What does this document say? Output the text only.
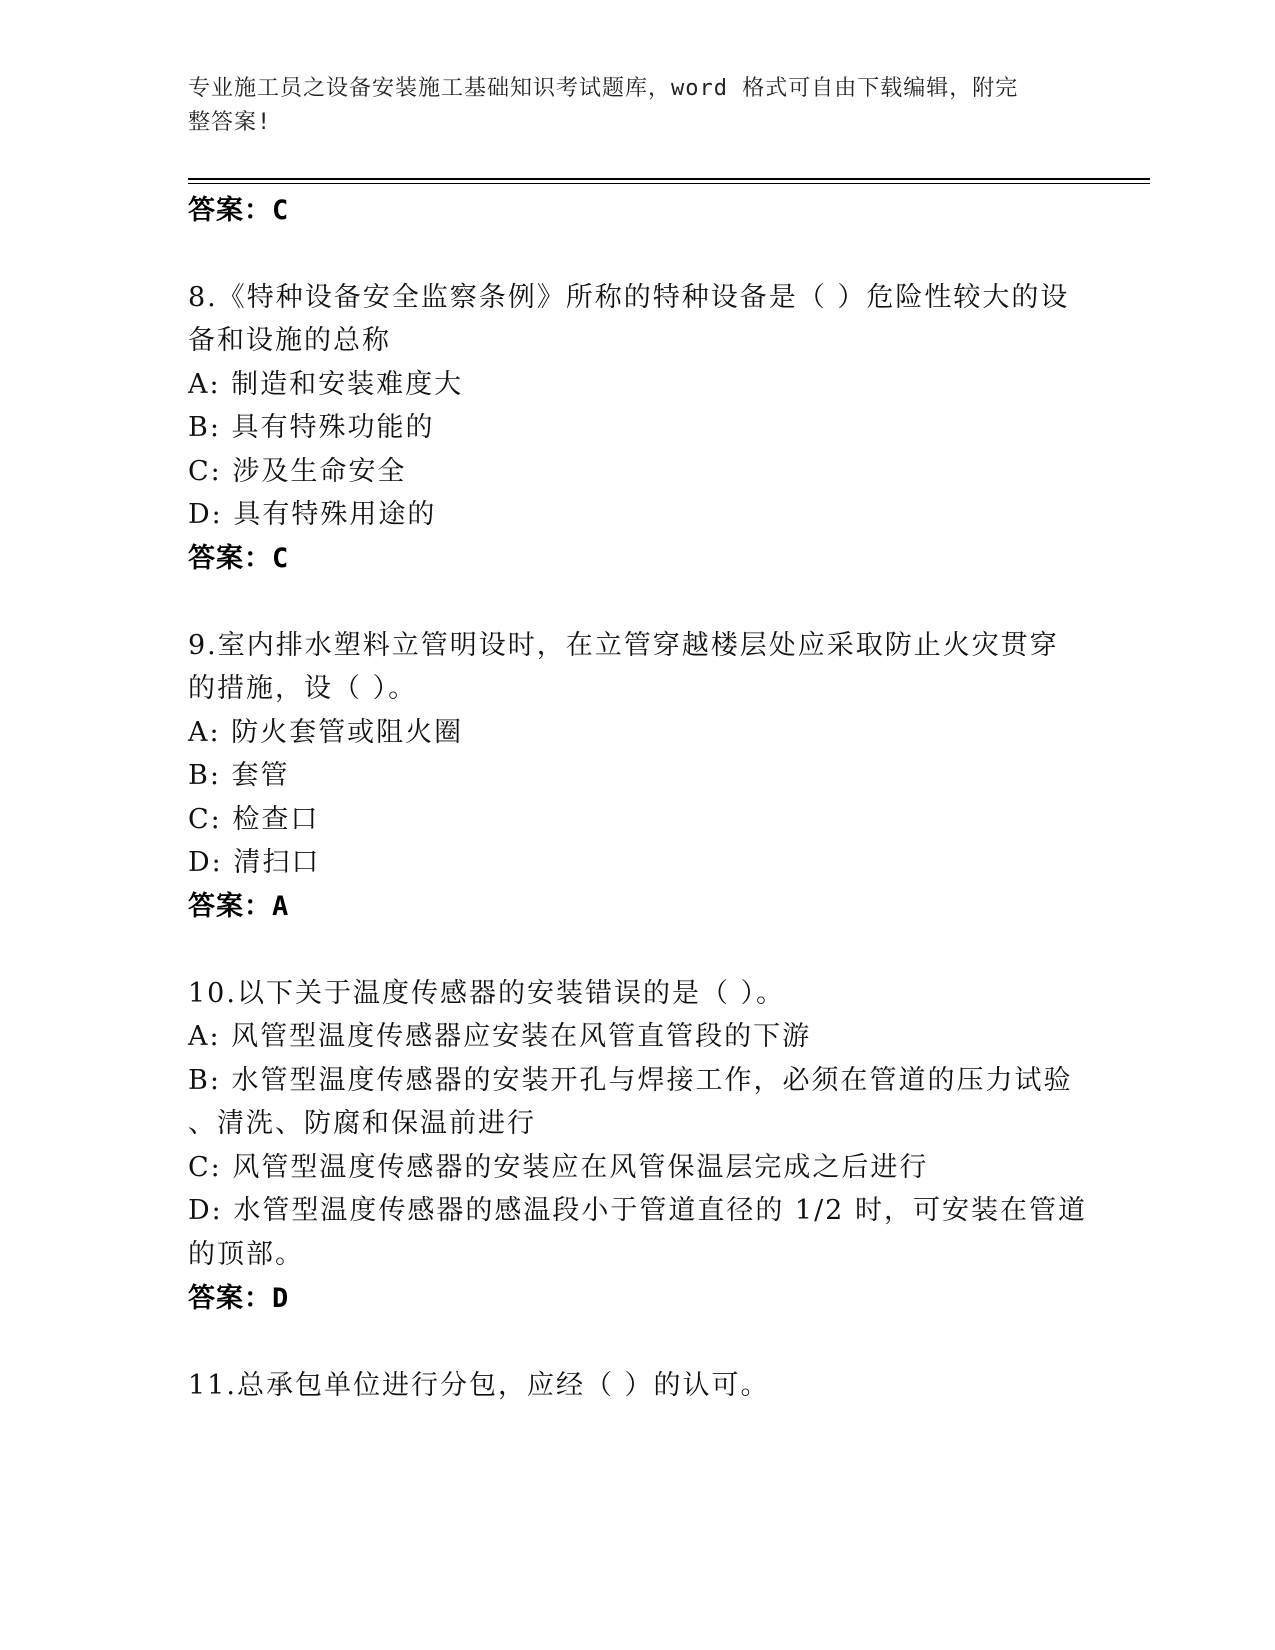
专业施工员之设备安装施工基础知识考试题库，word 格式可自由下载编辑，附完
整答案!
答案：C
8.《特种设备安全监察条例》所称的特种设备是（ ）危险性较大的设
备和设施的总称
A: 制造和安装难度大
B: 具有特殊功能的
C: 涉及生命安全
D: 具有特殊用途的
答案：C
9.室内排水塑料立管明设时，在立管穿越楼层处应采取防止火灾贯穿
的措施，设（ ）。
A: 防火套管或阻火圈
B: 套管
C: 检查口
D: 清扫口
答案：A
10.以下关于温度传感器的安装错误的是（ ）。
A: 风管型温度传感器应安装在风管直管段的下游
B: 水管型温度传感器的安装开孔与焊接工作，必须在管道的压力试验
、清洗、防腐和保温前进行
C: 风管型温度传感器的安装应在风管保温层完成之后进行
D: 水管型温度传感器的感温段小于管道直径的 1/2 时，可安装在管道
的顶部。
答案：D
11.总承包单位进行分包，应经（ ）的认可。
